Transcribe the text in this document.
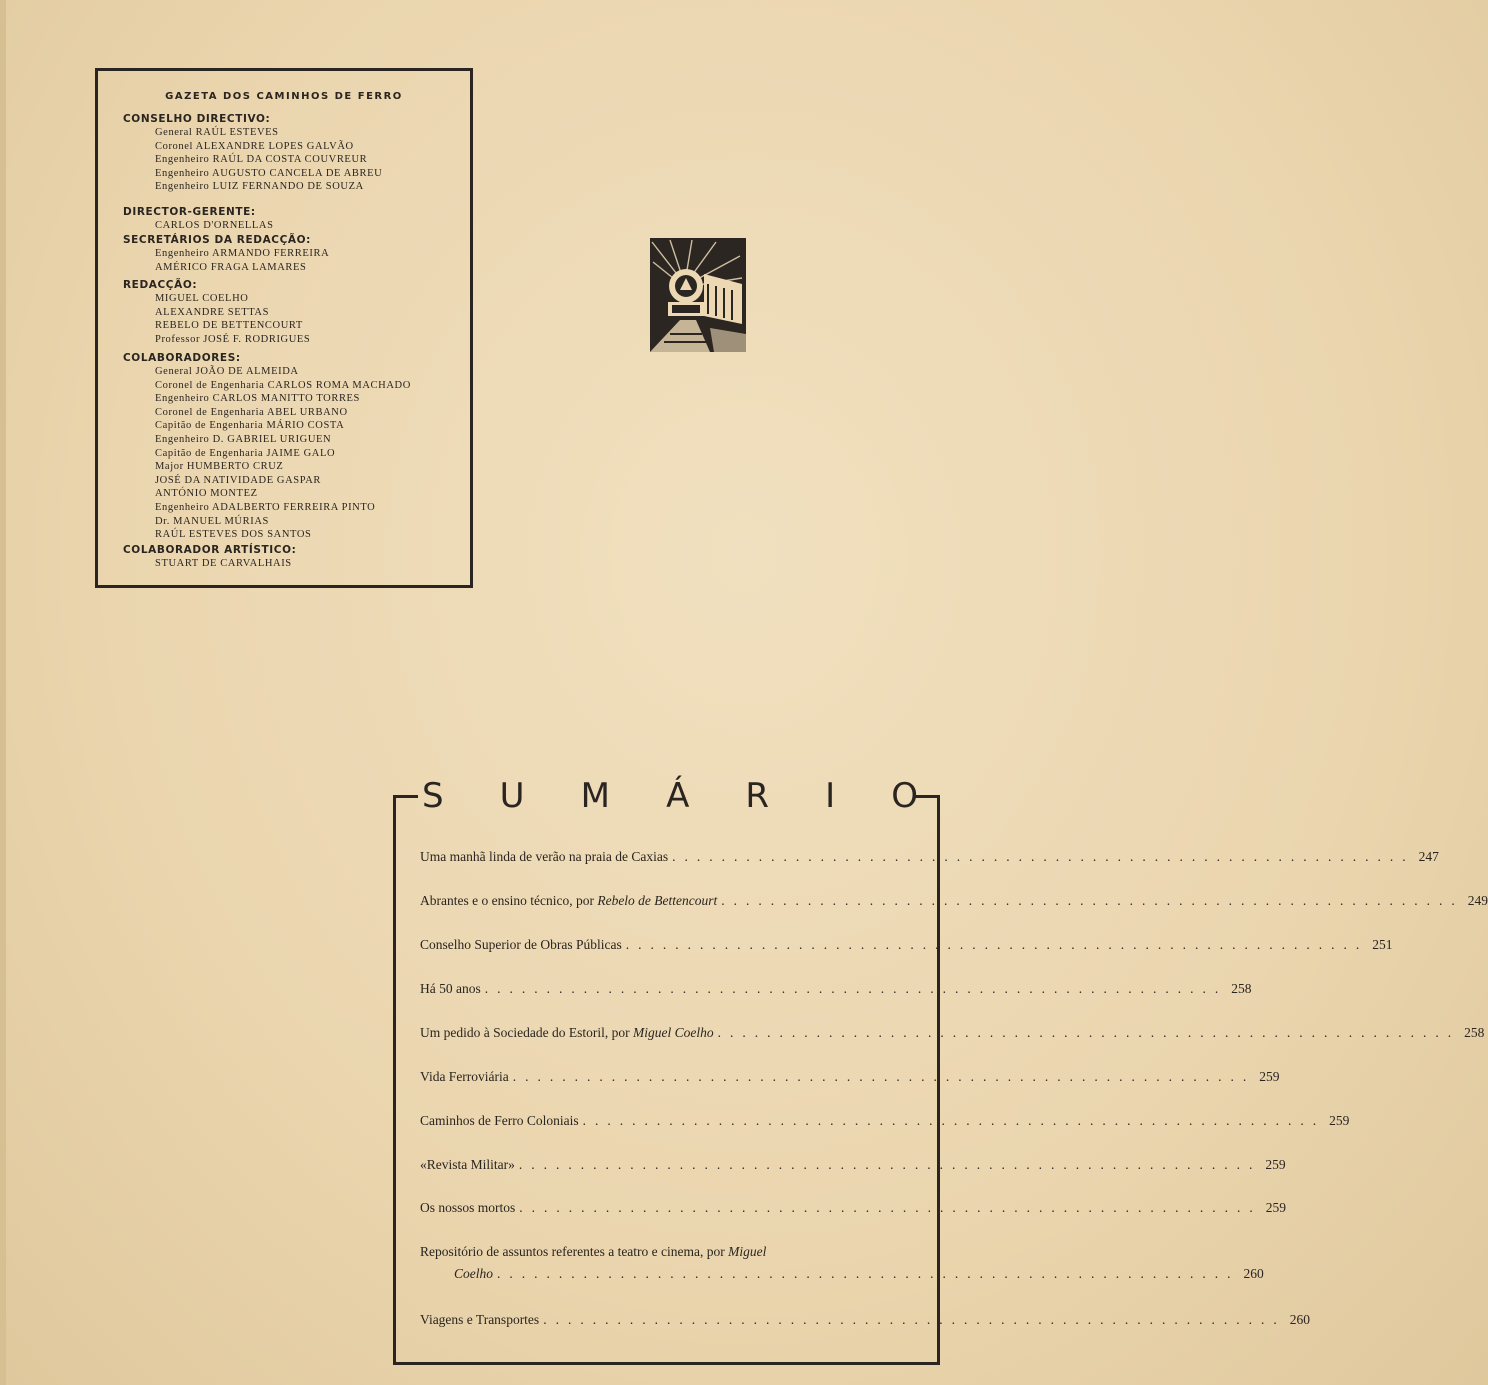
GAZETA DOS CAMINHOS DE FERRO
CONSELHO DIRECTIVO:
General RAÚL ESTEVES
Coronel ALEXANDRE LOPES GALVÃO
Engenheiro RAÚL DA COSTA COUVREUR
Engenheiro AUGUSTO CANCELA DE ABREU
Engenheiro LUIZ FERNANDO DE SOUZA
DIRECTOR-GERENTE:
CARLOS D'ORNELLAS
SECRETÁRIOS DA REDACÇÃO:
Engenheiro ARMANDO FERREIRA
AMÉRICO FRAGA LAMARES
REDACÇÃO:
MIGUEL COELHO
ALEXANDRE SETTAS
REBELO DE BETTENCOURT
Professor JOSÉ F. RODRIGUES
COLABORADORES:
General JOÃO DE ALMEIDA
Coronel de Engenharia CARLOS ROMA MACHADO
Engenheiro CARLOS MANITTO TORRES
Coronel de Engenharia ABEL URBANO
Capitão de Engenharia MÁRIO COSTA
Engenheiro D. GABRIEL URIGUEN
Capitão de Engenharia JAIME GALO
Major HUMBERTO CRUZ
JOSÉ DA NATIVIDADE GASPAR
ANTÓNIO MONTEZ
Engenheiro ADALBERTO FERREIRA PINTO
Dr. MANUEL MÚRIAS
RAÚL ESTEVES DOS SANTOS
COLABORADOR ARTÍSTICO:
STUART DE CARVALHAIS
S U M Á R I O
Uma manhã linda de verão na praia de Caxias ............................................................ 247
Abrantes e o ensino técnico, por Rebelo de Bettencourt ............................................................ 249
Conselho Superior de Obras Públicas ............................................................ 251
Há 50 anos ............................................................ 258
Um pedido à Sociedade do Estoril, por Miguel Coelho ............................................................ 258
Vida Ferroviária ............................................................ 259
Caminhos de Ferro Coloniais ............................................................ 259
«Revista Militar» ............................................................ 259
Os nossos mortos ............................................................ 259
Repositório de assuntos referentes a teatro e cinema, por Miguel
Coelho ............................................................ 260
Viagens e Transportes ............................................................ 260
